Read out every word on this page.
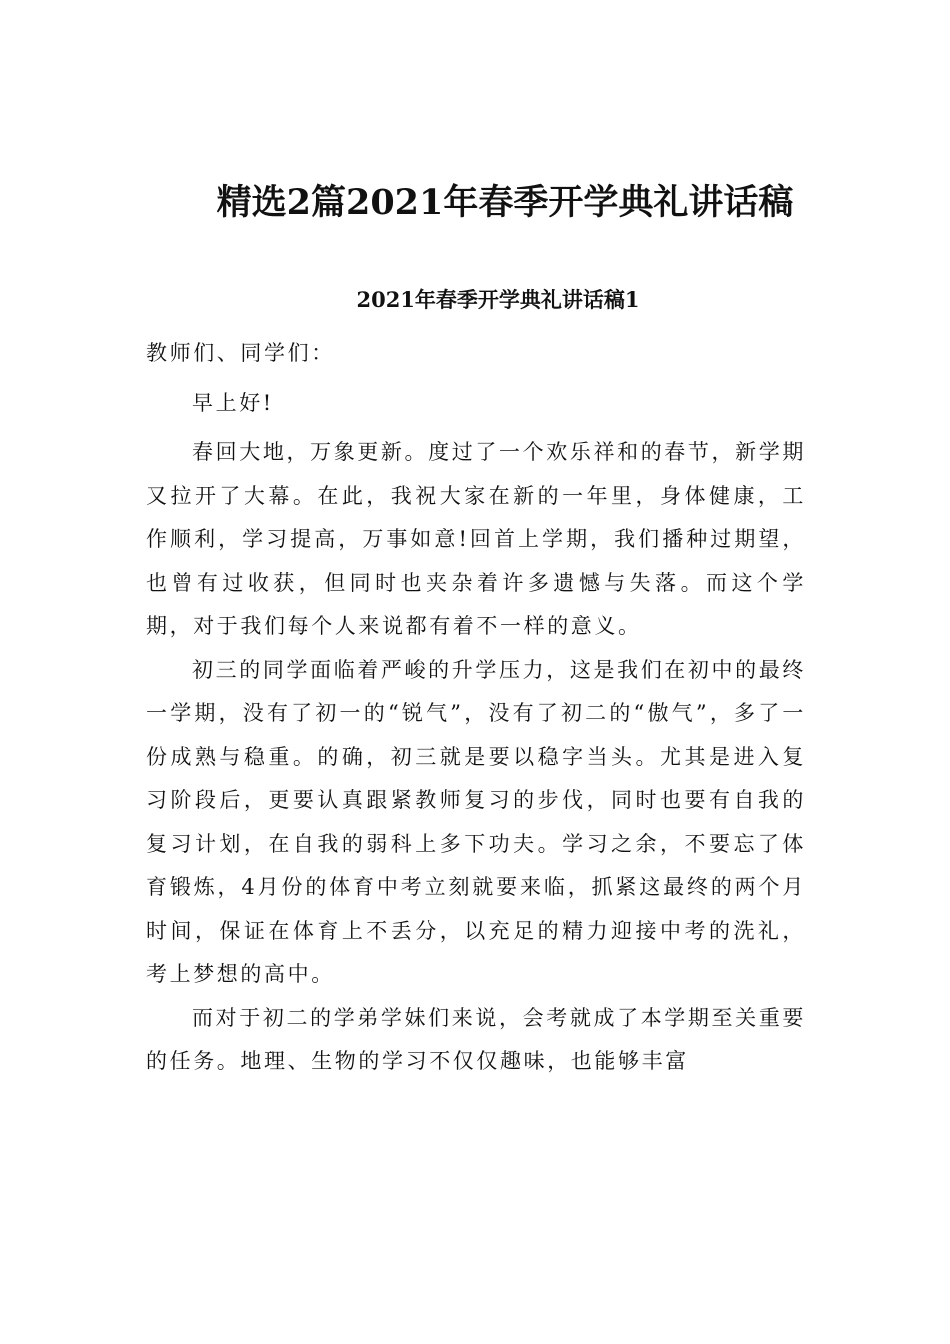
精选2篇2021年春季开学典礼讲话稿
2021年春季开学典礼讲话稿1

教师们、同学们：

早上好!

春回大地，万象更新。度过了一个欢乐祥和的春节，新学期又拉开了大幕。在此，我祝大家在新的一年里，身体健康，工作顺利，学习提高，万事如意!回首上学期，我们播种过期望，也曾有过收获，但同时也夹杂着许多遗憾与失落。而这个学期，对于我们每个人来说都有着不一样的意义。

初三的同学面临着严峻的升学压力，这是我们在初中的最终一学期，没有了初一的“锐气”，没有了初二的“傲气”，多了一份成熟与稳重。的确，初三就是要以稳字当头。尤其是进入复习阶段后，更要认真跟紧教师复习的步伐，同时也要有自我的复习计划，在自我的弱科上多下功夫。学习之余，不要忘了体育锻炼，4月份的体育中考立刻就要来临，抓紧这最终的两个月时间，保证在体育上不丢分，以充足的精力迎接中考的洗礼，考上梦想的高中。

而对于初二的学弟学妹们来说，会考就成了本学期至关重要的任务。地理、生物的学习不仅仅趣味，也能够丰富
